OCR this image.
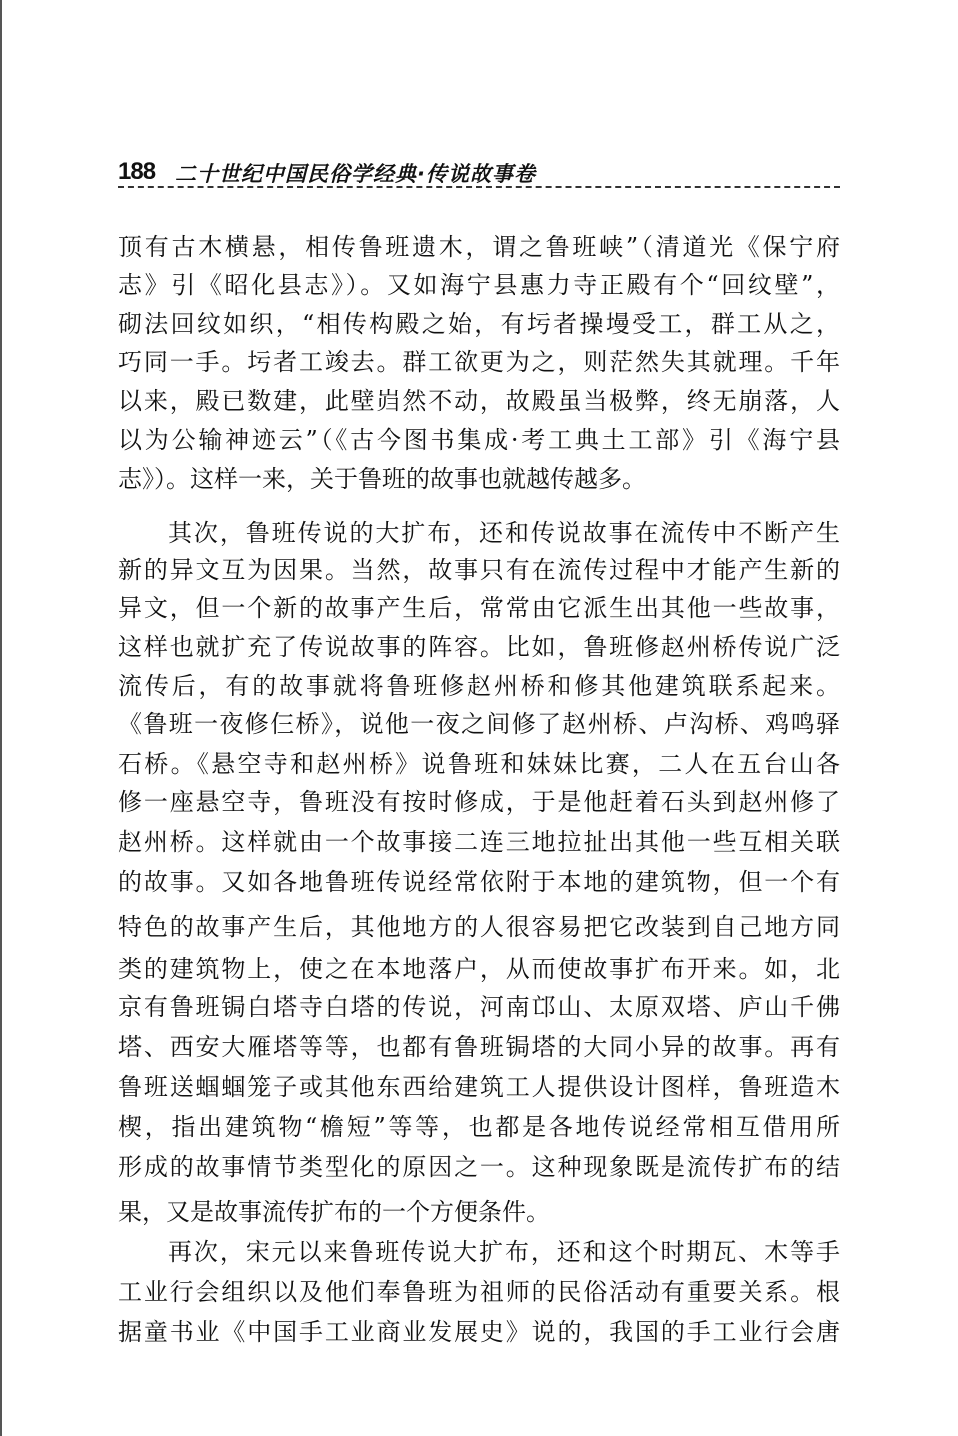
188 二十世纪中国民俗学经典·传说故事卷
顶有古木横悬，相传鲁班遗木，谓之鲁班峡”（清道光《保宁府
志》引《昭化县志》）。又如海宁县惠力寺正殿有个“回纹壁”，
砌法回纹如织，“相传构殿之始，有圬者操墁受工，群工从之，
巧同一手。圬者工竣去。群工欲更为之，则茫然失其就理。千年
以来，殿已数建，此壁岿然不动，故殿虽当极弊，终无崩落，人
以为公输神迹云”（《古今图书集成·考工典土工部》引《海宁县
志》）。这样一来，关于鲁班的故事也就越传越多。
其次，鲁班传说的大扩布，还和传说故事在流传中不断产生
新的异文互为因果。当然，故事只有在流传过程中才能产生新的
异文，但一个新的故事产生后，常常由它派生出其他一些故事，
这样也就扩充了传说故事的阵容。比如，鲁班修赵州桥传说广泛
流传后，有的故事就将鲁班修赵州桥和修其他建筑联系起来。
《鲁班一夜修仨桥》，说他一夜之间修了赵州桥、卢沟桥、鸡鸣驿
石桥。《悬空寺和赵州桥》说鲁班和妹妹比赛，二人在五台山各
修一座悬空寺，鲁班没有按时修成，于是他赶着石头到赵州修了
赵州桥。这样就由一个故事接二连三地拉扯出其他一些互相关联
的故事。又如各地鲁班传说经常依附于本地的建筑物，但一个有
特色的故事产生后，其他地方的人很容易把它改装到自己地方同
类的建筑物上，使之在本地落户，从而使故事扩布开来。如，北
京有鲁班锔白塔寺白塔的传说，河南邙山、太原双塔、庐山千佛
塔、西安大雁塔等等，也都有鲁班锔塔的大同小异的故事。再有
鲁班送蝈蝈笼子或其他东西给建筑工人提供设计图样，鲁班造木
楔，指出建筑物“檐短”等等，也都是各地传说经常相互借用所
形成的故事情节类型化的原因之一。这种现象既是流传扩布的结
果，又是故事流传扩布的一个方便条件。
再次，宋元以来鲁班传说大扩布，还和这个时期瓦、木等手
工业行会组织以及他们奉鲁班为祖师的民俗活动有重要关系。根
据童书业《中国手工业商业发展史》说的，我国的手工业行会唐
